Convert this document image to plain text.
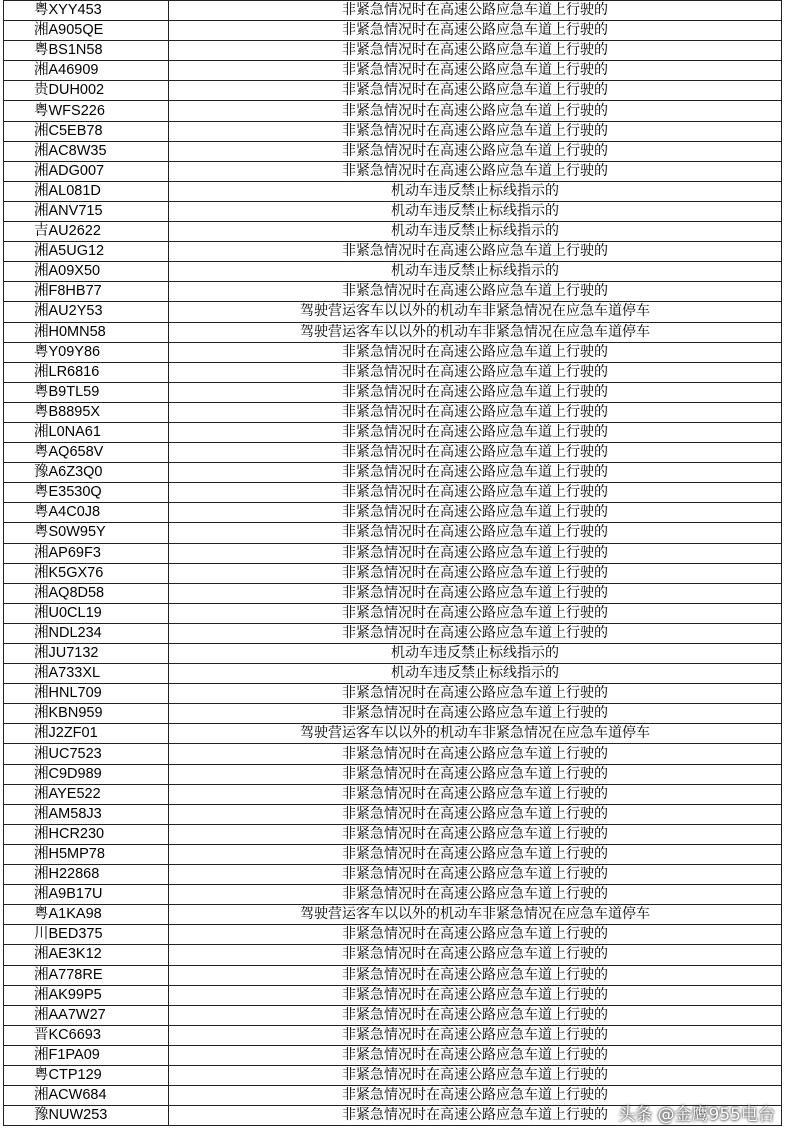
粤XYY453	非紧急情况时在高速公路应急车道上行驶的
湘A905QE	非紧急情况时在高速公路应急车道上行驶的
粤BS1N58	非紧急情况时在高速公路应急车道上行驶的
湘A46909	非紧急情况时在高速公路应急车道上行驶的
贵DUH002	非紧急情况时在高速公路应急车道上行驶的
粤WFS226	非紧急情况时在高速公路应急车道上行驶的
湘C5EB78	非紧急情况时在高速公路应急车道上行驶的
湘AC8W35	非紧急情况时在高速公路应急车道上行驶的
湘ADG007	非紧急情况时在高速公路应急车道上行驶的
湘AL081D	机动车违反禁止标线指示的
湘ANV715	机动车违反禁止标线指示的
吉AU2622	机动车违反禁止标线指示的
湘A5UG12	非紧急情况时在高速公路应急车道上行驶的
湘A09X50	机动车违反禁止标线指示的
湘F8HB77	非紧急情况时在高速公路应急车道上行驶的
湘AU2Y53	驾驶营运客车以以外的机动车非紧急情况在应急车道停车
湘H0MN58	驾驶营运客车以以外的机动车非紧急情况在应急车道停车
粤Y09Y86	非紧急情况时在高速公路应急车道上行驶的
湘LR6816	非紧急情况时在高速公路应急车道上行驶的
粤B9TL59	非紧急情况时在高速公路应急车道上行驶的
粤B8895X	非紧急情况时在高速公路应急车道上行驶的
湘L0NA61	非紧急情况时在高速公路应急车道上行驶的
粤AQ658V	非紧急情况时在高速公路应急车道上行驶的
豫A6Z3Q0	非紧急情况时在高速公路应急车道上行驶的
粤E3530Q	非紧急情况时在高速公路应急车道上行驶的
粤A4C0J8	非紧急情况时在高速公路应急车道上行驶的
粤S0W95Y	非紧急情况时在高速公路应急车道上行驶的
湘AP69F3	非紧急情况时在高速公路应急车道上行驶的
湘K5GX76	非紧急情况时在高速公路应急车道上行驶的
湘AQ8D58	非紧急情况时在高速公路应急车道上行驶的
湘U0CL19	非紧急情况时在高速公路应急车道上行驶的
湘NDL234	非紧急情况时在高速公路应急车道上行驶的
湘JU7132	机动车违反禁止标线指示的
湘A733XL	机动车违反禁止标线指示的
湘HNL709	非紧急情况时在高速公路应急车道上行驶的
湘KBN959	非紧急情况时在高速公路应急车道上行驶的
湘J2ZF01	驾驶营运客车以以外的机动车非紧急情况在应急车道停车
湘UC7523	非紧急情况时在高速公路应急车道上行驶的
湘C9D989	非紧急情况时在高速公路应急车道上行驶的
湘AYE522	非紧急情况时在高速公路应急车道上行驶的
湘AM58J3	非紧急情况时在高速公路应急车道上行驶的
湘HCR230	非紧急情况时在高速公路应急车道上行驶的
湘H5MP78	非紧急情况时在高速公路应急车道上行驶的
湘H22868	非紧急情况时在高速公路应急车道上行驶的
湘A9B17U	非紧急情况时在高速公路应急车道上行驶的
粤A1KA98	驾驶营运客车以以外的机动车非紧急情况在应急车道停车
川BED375	非紧急情况时在高速公路应急车道上行驶的
湘AE3K12	非紧急情况时在高速公路应急车道上行驶的
湘A778RE	非紧急情况时在高速公路应急车道上行驶的
湘AK99P5	非紧急情况时在高速公路应急车道上行驶的
湘AA7W27	非紧急情况时在高速公路应急车道上行驶的
晋KC6693	非紧急情况时在高速公路应急车道上行驶的
湘F1PA09	非紧急情况时在高速公路应急车道上行驶的
粤CTP129	非紧急情况时在高速公路应急车道上行驶的
湘ACW684	非紧急情况时在高速公路应急车道上行驶的
豫NUW253	非紧急情况时在高速公路应急车道上行驶的 头条 @金鹰955电台
